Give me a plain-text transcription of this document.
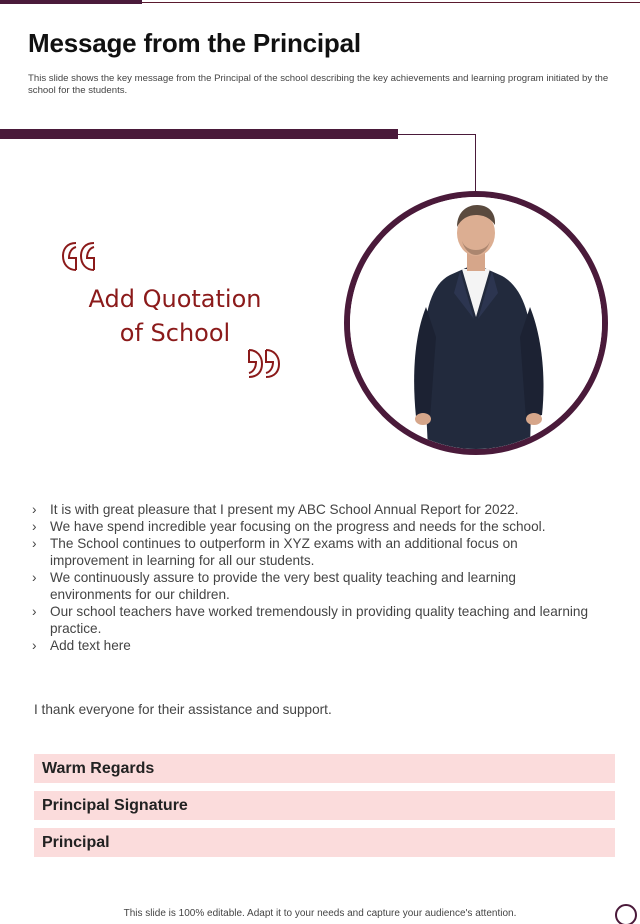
Message from the Principal

This slide shows the key message from the Principal of the school describing the key achievements and learning program initiated by the school for the students.

Add Quotation
of School
› It is with great pleasure that I present my ABC School Annual Report for 2022.
› We have spend incredible year focusing on the progress and needs for the school.
› The School continues to outperform in XYZ exams with an additional focus on improvement in learning for all our students.
› We continuously assure to provide the very best quality teaching and learning environments for our children.
› Our school teachers have worked tremendously in providing quality teaching and learning practice.
› Add text here

I thank everyone for their assistance and support.

Warm Regards
Principal Signature
Principal
This slide is 100% editable. Adapt it to your needs and capture your audience's attention.
